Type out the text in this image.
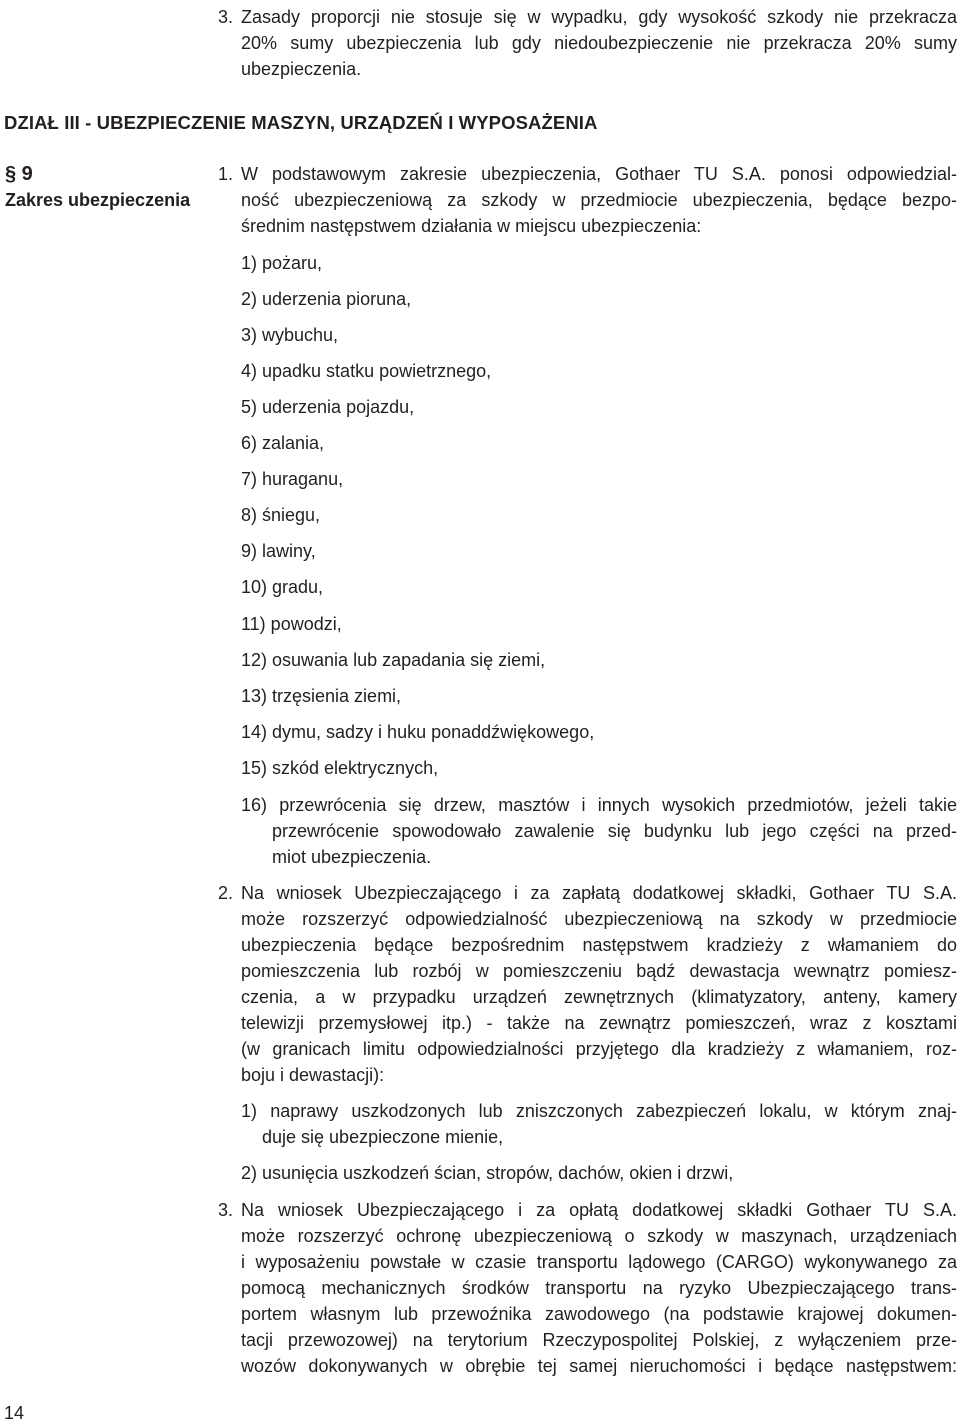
3. Zasady proporcji nie stosuje się w wypadku, gdy wysokość szkody nie przekracza
20% sumy ubezpieczenia lub gdy niedoubezpieczenie nie przekracza 20% sumy
ubezpieczenia.
DZIAŁ III - UBEZPIECZENIE MASZYN, URZĄDZEŃ I WYPOSAŻENIA
§ 9
Zakres ubezpieczenia
1. W podstawowym zakresie ubezpieczenia, Gothaer TU S.A. ponosi odpowiedzial-
ność ubezpieczeniową za szkody w przedmiocie ubezpieczenia, będące bezpo-
średnim następstwem działania w miejscu ubezpieczenia:
1) pożaru,
2) uderzenia pioruna,
3) wybuchu,
4) upadku statku powietrznego,
5) uderzenia pojazdu,
6) zalania,
7) huraganu,
8) śniegu,
9) lawiny,
10) gradu,
11) powodzi,
12) osuwania lub zapadania się ziemi,
13) trzęsienia ziemi,
14) dymu, sadzy i huku ponaddźwiękowego,
15) szkód elektrycznych,
16) przewrócenia się drzew, masztów i innych wysokich przedmiotów, jeżeli takie
przewrócenie spowodowało zawalenie się budynku lub jego części na przed-
miot ubezpieczenia.
2. Na wniosek Ubezpieczającego i za zapłatą dodatkowej składki, Gothaer TU S.A.
może rozszerzyć odpowiedzialność ubezpieczeniową na szkody w przedmiocie
ubezpieczenia będące bezpośrednim następstwem kradzieży z włamaniem do
pomieszczenia lub rozbój w pomieszczeniu bądź dewastacja wewnątrz pomiesz-
czenia, a w przypadku urządzeń zewnętrznych (klimatyzatory, anteny, kamery
telewizji przemysłowej itp.) - także na zewnątrz pomieszczeń, wraz z kosztami
(w granicach limitu odpowiedzialności przyjętego dla kradzieży z włamaniem, roz-
boju i dewastacji):
1) naprawy uszkodzonych lub zniszczonych zabezpieczeń lokalu, w którym znaj-
duje się ubezpieczone mienie,
2) usunięcia uszkodzeń ścian, stropów, dachów, okien i drzwi,
3. Na wniosek Ubezpieczającego i za opłatą dodatkowej składki Gothaer TU S.A.
może rozszerzyć ochronę ubezpieczeniową o szkody w maszynach, urządzeniach
i wyposażeniu powstałe w czasie transportu lądowego (CARGO) wykonywanego za
pomocą mechanicznych środków transportu na ryzyko Ubezpieczającego trans-
portem własnym lub przewoźnika zawodowego (na podstawie krajowej dokumen-
tacji przewozowej) na terytorium Rzeczypospolitej Polskiej, z wyłączeniem prze-
wozów dokonywanych w obrębie tej samej nieruchomości i będące następstwem:
14
